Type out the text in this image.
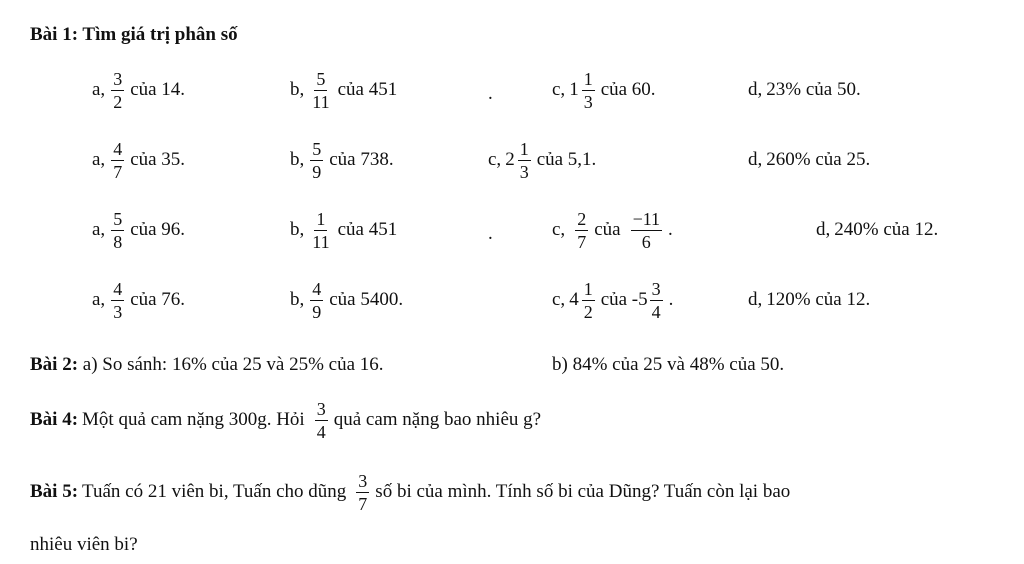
Bài 1: Tìm giá trị phân số
a, $\frac{3}{2}$ của 14.	b, $\frac{5}{11}$ của 451	.	c, $1 \frac{1}{3}$ của 60.	d, 23% của 50.
a, $\frac{4}{7}$ của 35.	b, $\frac{5}{9}$ của 738.	c, $2 \frac{1}{3}$ của 5,1.	d, 260% của 25.
a, $\frac{5}{8}$ của 96.	b, $\frac{1}{11}$ của 451	.	c, $\frac{2}{7}$ của $\frac{-11}{6}$ .	d, 240% của 12.
a, $\frac{4}{3}$ của 76.	b, $\frac{4}{9}$ của 5400.	c, $4 \frac{1}{2}$ của $-5 \frac{3}{4}$ .	d, 120% của 12.
Bài 2: a) So sánh: 16% của 25 và 25% của 16.	b) 84% của 25 và 48% của 50.
Bài 4: Một quả cam nặng 300g. Hỏi $\frac{3}{4}$ quả cam nặng bao nhiêu g?
Bài 5: Tuấn có 21 viên bi, Tuấn cho dũng $\frac{3}{7}$ số bi của mình. Tính số bi của Dũng? Tuấn còn lại bao
nhiêu viên bi?
